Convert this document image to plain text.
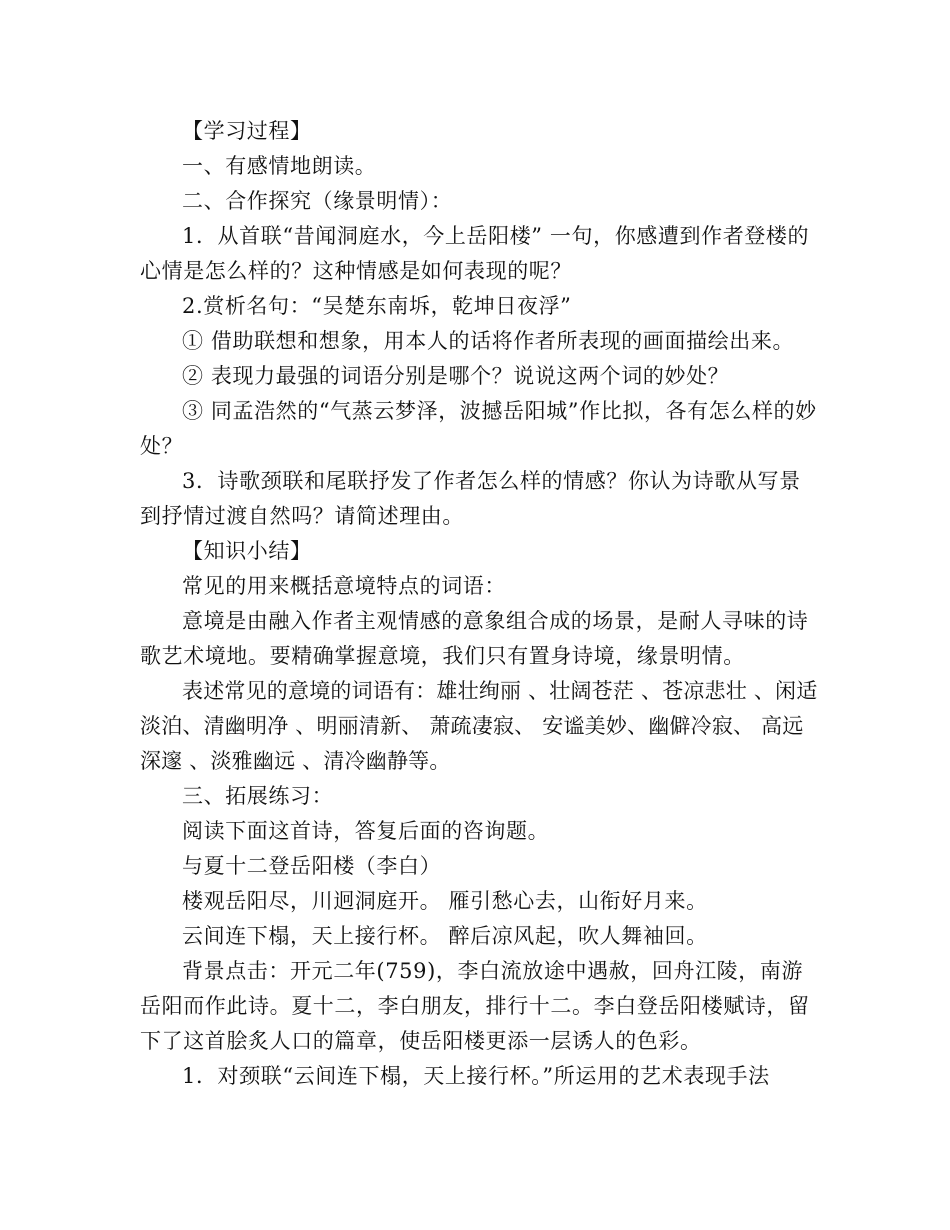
【学习过程】

一、有感情地朗读。

二、合作探究（缘景明情）：

1．从首联“昔闻洞庭水，今上岳阳楼” 一句，你感遭到作者登楼的心情是怎么样的？这种情感是如何表现的呢？

2.赏析名句：“吴楚东南坼，乾坤日夜浮”

① 借助联想和想象，用本人的话将作者所表现的画面描绘出来。

② 表现力最强的词语分别是哪个？说说这两个词的妙处？

③ 同孟浩然的“气蒸云梦泽，波撼岳阳城”作比拟，各有怎么样的妙处？

3．诗歌颈联和尾联抒发了作者怎么样的情感？你认为诗歌从写景到抒情过渡自然吗？请简述理由。

【知识小结】

常见的用来概括意境特点的词语：

意境是由融入作者主观情感的意象组合成的场景，是耐人寻味的诗歌艺术境地。要精确掌握意境，我们只有置身诗境，缘景明情。

表述常见的意境的词语有：雄壮绚丽 、壮阔苍茫 、苍凉悲壮 、闲适淡泊、清幽明净 、明丽清新、 萧疏凄寂、 安谧美妙、幽僻冷寂、 高远深邃 、淡雅幽远 、清冷幽静等。

三、拓展练习：

阅读下面这首诗，答复后面的咨询题。

与夏十二登岳阳楼（李白）

楼观岳阳尽，川迥洞庭开。 雁引愁心去，山衔好月来。

云间连下榻，天上接行杯。 醉后凉风起，吹人舞袖回。

背景点击：开元二年(759)，李白流放途中遇赦，回舟江陵，南游岳阳而作此诗。夏十二，李白朋友，排行十二。李白登岳阳楼赋诗，留下了这首脍炙人口的篇章，使岳阳楼更添一层诱人的色彩。

1．对颈联“云间连下榻，天上接行杯。”所运用的艺术表现手法
